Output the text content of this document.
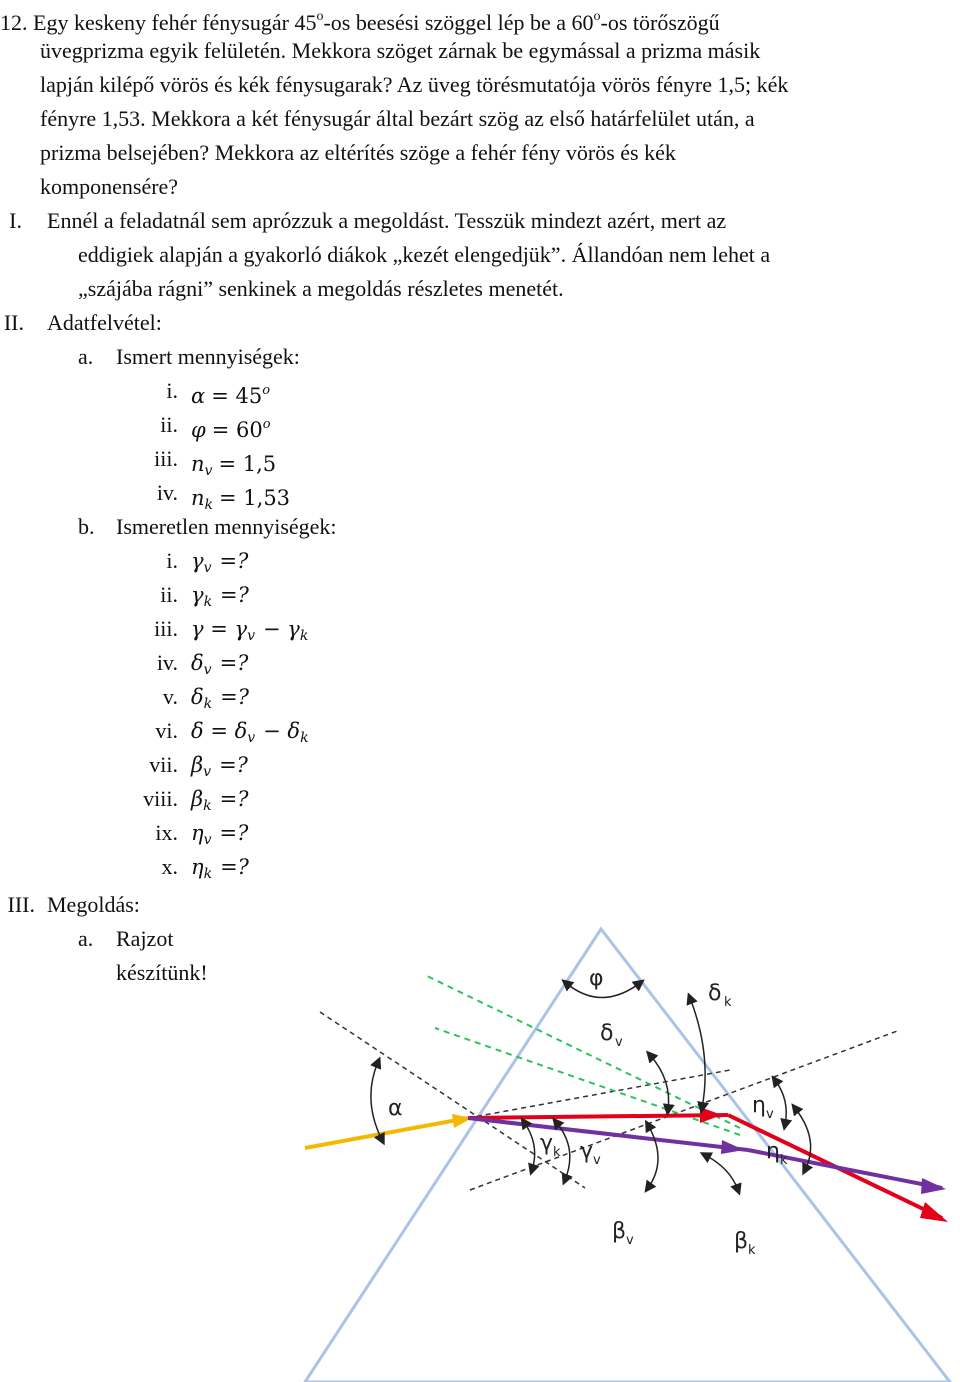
12. Egy keskeny fehér fénysugár 45$^o$-os beesési szöggel lép be a 60$^o$-os törőszögű
üvegprizma egyik felületén. Mekkora szöget zárnak be egymással a prizma másik
lapján kilépő vörös és kék fénysugarak? Az üveg törésmutatója vörös fényre 1,5; kék
fényre 1,53. Mekkora a két fénysugár által bezárt szög az első határfelület után, a
prizma belsejében? Mekkora az eltérítés szöge a fehér fény vörös és kék
komponensére?
I. Ennél a feladatnál sem aprózzuk a megoldást. Tesszük mindezt azért, mert az
eddigiek alapján a gyakorló diákok „kezét elengedjük”. Állandóan nem lehet a
„szájába rágni” senkinek a megoldás részletes menetét.
II. Adatfelvétel:
a. Ismert mennyiségek:
i. $\alpha = 45^o$
ii. $\varphi = 60^o$
iii. $n_v = 1,5$
iv. $n_k = 1,53$
b. Ismeretlen mennyiségek:
i. $\gamma_v$ =?
ii. $\gamma_k$ =?
iii. $\gamma = \gamma_v - \gamma_k$
iv. $\delta_v$ =?
v. $\delta_k$ =?
vi. $\delta = \delta_v - \delta_k$
vii. $\beta_v$ =?
viii. $\beta_k$ =?
ix. $\eta_v$ =?
x. $\eta_k$ =?
III. Megoldás:
a. Rajzot
készítünk!	φ
α
δ k
δ v
η v
η k
γ k γ v
β v	β k
